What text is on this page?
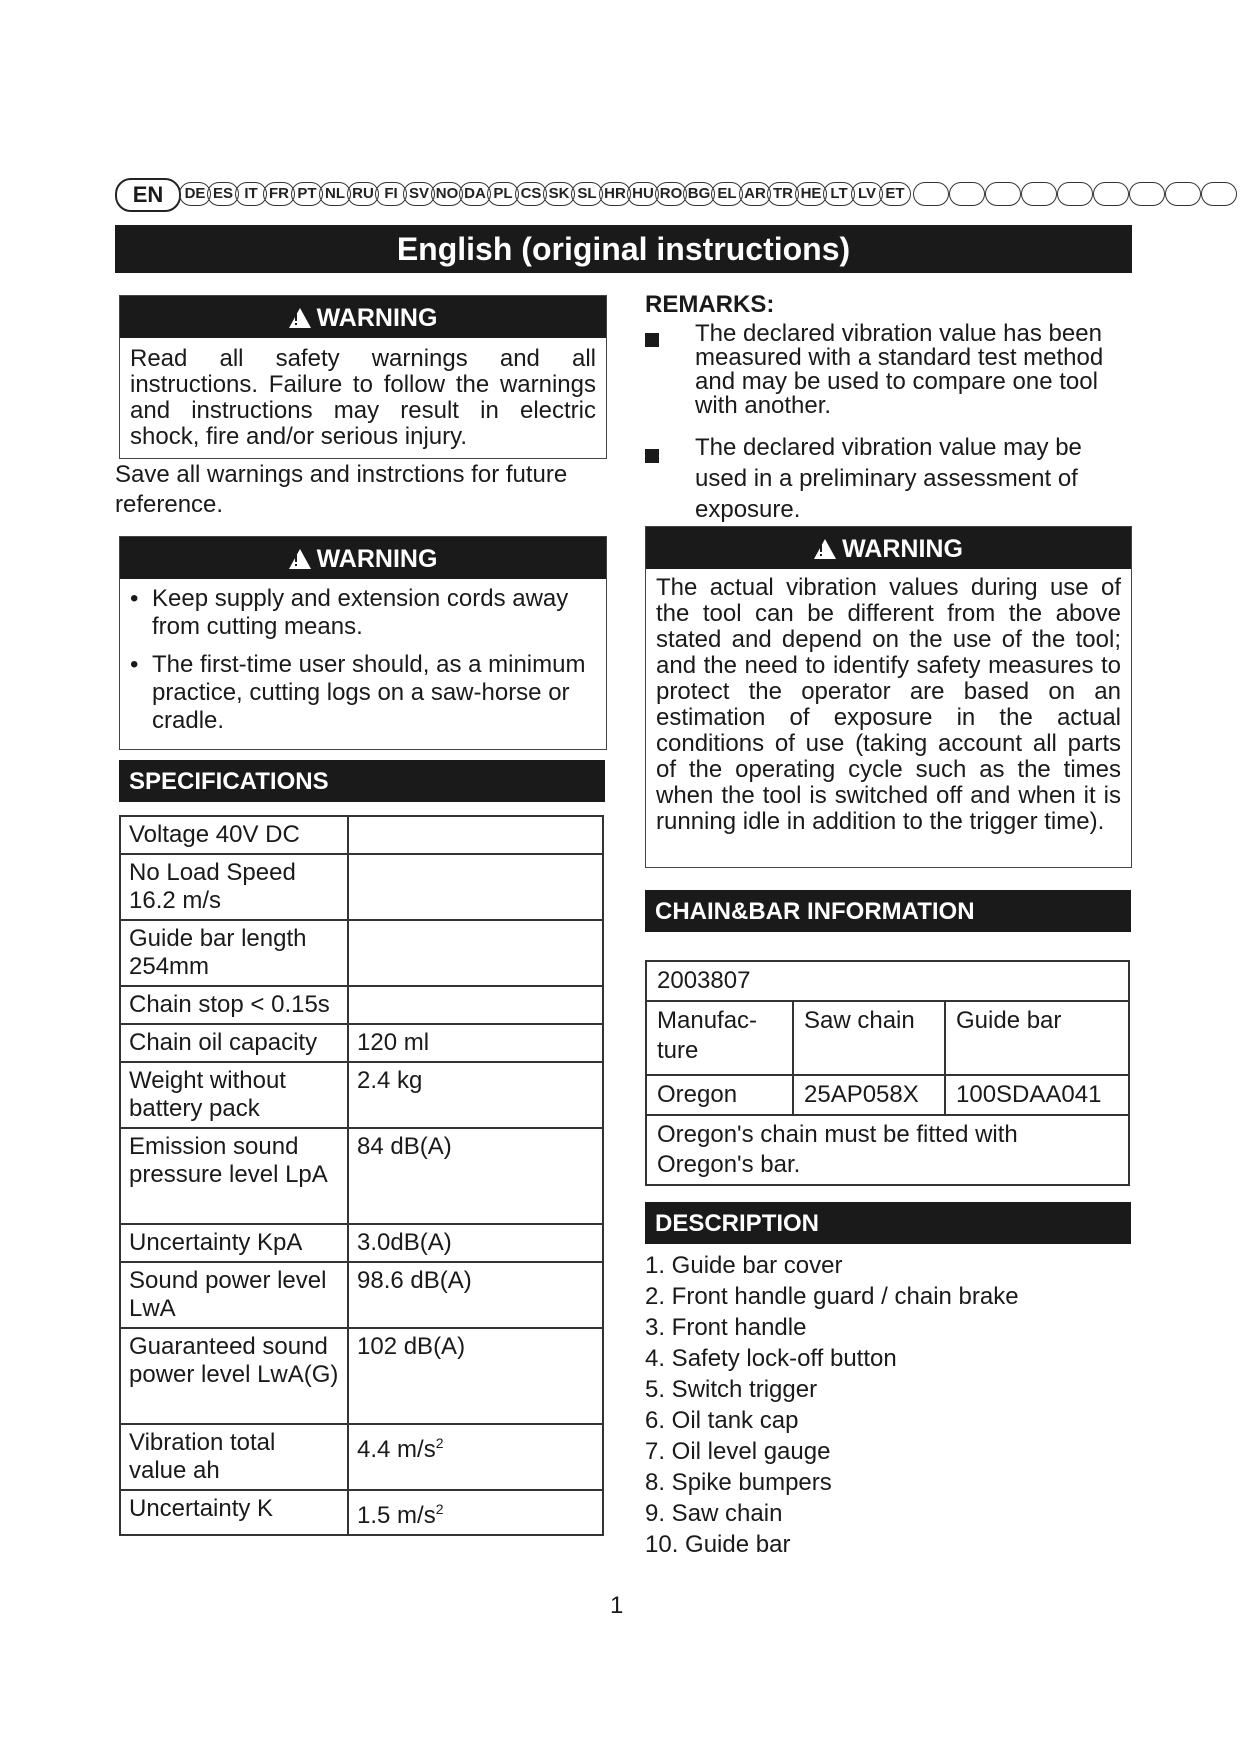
EN	DE ES IT FR PT NL RU FI SV NO DA PL CS SK SL HR HU RO BG EL AR TR HE LT LV ET
English (original instructions)
WARNING
Read all safety warnings and all instructions. Failure to follow the warnings and instructions may result in electric shock, fire and/or serious injury.
Save all warnings and instrctions for future reference.
WARNING
• Keep supply and extension cords away from cutting means.
• The first-time user should, as a minimum practice, cutting logs on a saw-horse or cradle.
SPECIFICATIONS
Voltage 40V DC	
No Load Speed 16.2 m/s	
Guide bar length 254mm	
Chain stop < 0.15s	
Chain oil capacity	120 ml
Weight without battery pack	2.4 kg
Emission sound pressure level LpA	84 dB(A)
Uncertainty KpA	3.0dB(A)
Sound power level LwA	98.6 dB(A)
Guaranteed sound power level LwA(G)	102 dB(A)
Vibration total value ah	4.4 $m/s^2$
Uncertainty K	1.5 $m/s^2$
REMARKS:
The declared vibration value has been measured with a standard test method and may be used to compare one tool with another.
The declared vibration value may be used in a preliminary assessment of exposure.
WARNING
The actual vibration values during use of the tool can be different from the above stated and depend on the use of the tool; and the need to identify safety measures to protect the operator are based on an estimation of exposure in the actual conditions of use (taking account all parts of the operating cycle such as the times when the tool is switched off and when it is running idle in addition to the trigger time).
CHAIN&BAR INFORMATION
2003807		
Manufac- ture	Saw chain	Guide bar
Oregon	25AP058X	100SDAA041
Oregon's chain must be fitted with Oregon's bar.		
DESCRIPTION
1. Guide bar cover
2. Front handle guard / chain brake
3. Front handle
4. Safety lock-off button
5. Switch trigger
6. Oil tank cap
7. Oil level gauge
8. Spike bumpers
9. Saw chain
10. Guide bar
1
